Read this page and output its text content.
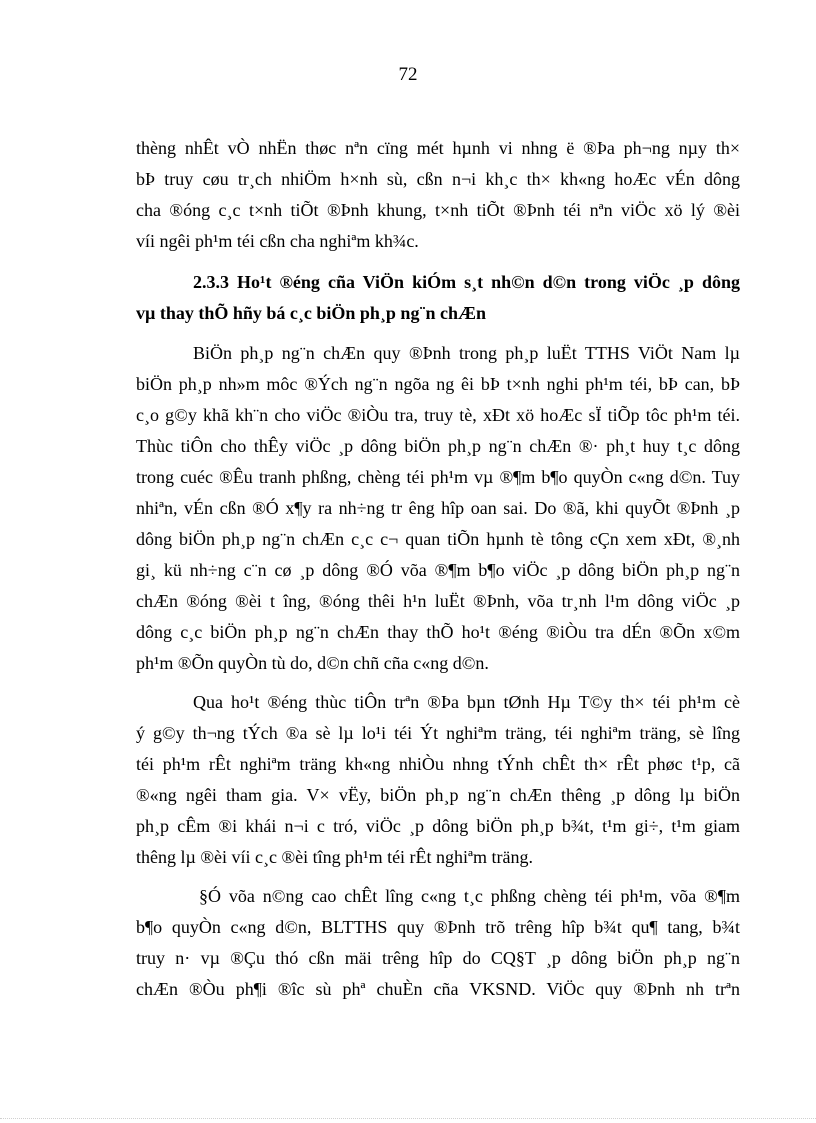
72
thèng nhÊt vÒ nhËn thøc nªn cïng mét hµnh vi nhng ë ®Þa ph¬ng nµy th×
bÞ truy cøu tr¸ch nhiÖm h×nh sù, cßn n¬i kh¸c th× kh«ng hoÆc vÉn dông
cha ®óng c¸c t×nh tiÕt ®Þnh khung, t×nh tiÕt ®Þnh téi nªn viÖc xö lý ®èi
víi ngêi ph¹m téi cßn cha nghiªm kh¾c.
2.3.3 Ho¹t ®éng cña ViÖn kiÓm s¸t nh©n d©n trong viÖc ¸p dông
vµ thay thÕ hñy bá c¸c biÖn ph¸p ng¨n chÆn
BiÖn ph¸p ng¨n chÆn quy ®Þnh trong ph¸p luËt TTHS ViÖt Nam lµ
biÖn ph¸p nh»m môc ®Ých ng¨n ngõa ng êi bÞ t×nh nghi ph¹m téi, bÞ can, bÞ
c¸o g©y khã kh¨n cho viÖc ®iÒu tra, truy tè, xÐt xö hoÆc sÏ tiÕp tôc ph¹m téi.
Thùc tiÔn cho thÊy viÖc ¸p dông biÖn ph¸p ng¨n chÆn ®· ph¸t huy t¸c dông
trong cuéc ®Êu tranh phßng, chèng téi ph¹m vµ ®¶m b¶o quyÒn c«ng d©n. Tuy
nhiªn, vÉn cßn ®Ó x¶y ra nh÷ng tr êng hîp oan sai. Do ®ã, khi quyÕt ®Þnh ¸p
dông biÖn ph¸p ng¨n chÆn c¸c c¬ quan tiÕn hµnh tè tông cÇn xem xÐt, ®¸nh
gi¸ kü nh÷ng c¨n cø ¸p dông ®Ó võa ®¶m b¶o viÖc ¸p dông biÖn ph¸p ng¨n
chÆn ®óng ®èi t îng, ®óng thêi h¹n luËt ®Þnh, võa tr¸nh l¹m dông viÖc ¸p
dông c¸c biÖn ph¸p ng¨n chÆn thay thÕ ho¹t ®éng ®iÒu tra dÉn ®Õn x©m
ph¹m ®Õn quyÒn tù do, d©n chñ cña c«ng d©n.
Qua ho¹t ®éng thùc tiÔn trªn ®Þa bµn tØnh Hµ T©y th× téi ph¹m cè
ý g©y th¬ng tÝch ®a sè lµ lo¹i téi Ýt nghiªm träng, téi nghiªm träng, sè lîng
téi ph¹m rÊt nghiªm träng kh«ng nhiÒu nhng tÝnh chÊt th× rÊt phøc t¹p, cã
®«ng ngêi tham gia. V× vËy, biÖn ph¸p ng¨n chÆn thêng ¸p dông lµ biÖn
ph¸p cÊm ®i khái n¬i c tró, viÖc ¸p dông biÖn ph¸p b¾t, t¹m gi÷, t¹m giam
thêng lµ ®èi víi c¸c ®èi tîng ph¹m téi rÊt nghiªm träng.
§Ó võa n©ng cao chÊt lîng c«ng t¸c phßng chèng téi ph¹m, võa ®¶m
b¶o quyÒn c«ng d©n, BLTTHS quy ®Þnh trõ trêng hîp b¾t qu¶ tang, b¾t
truy n· vµ ®Çu thó cßn mäi trêng hîp do CQ§T ¸p dông biÖn ph¸p ng¨n
chÆn ®Òu ph¶i ®îc sù phª chuÈn cña VKSND. ViÖc quy ®Þnh nh trªn
